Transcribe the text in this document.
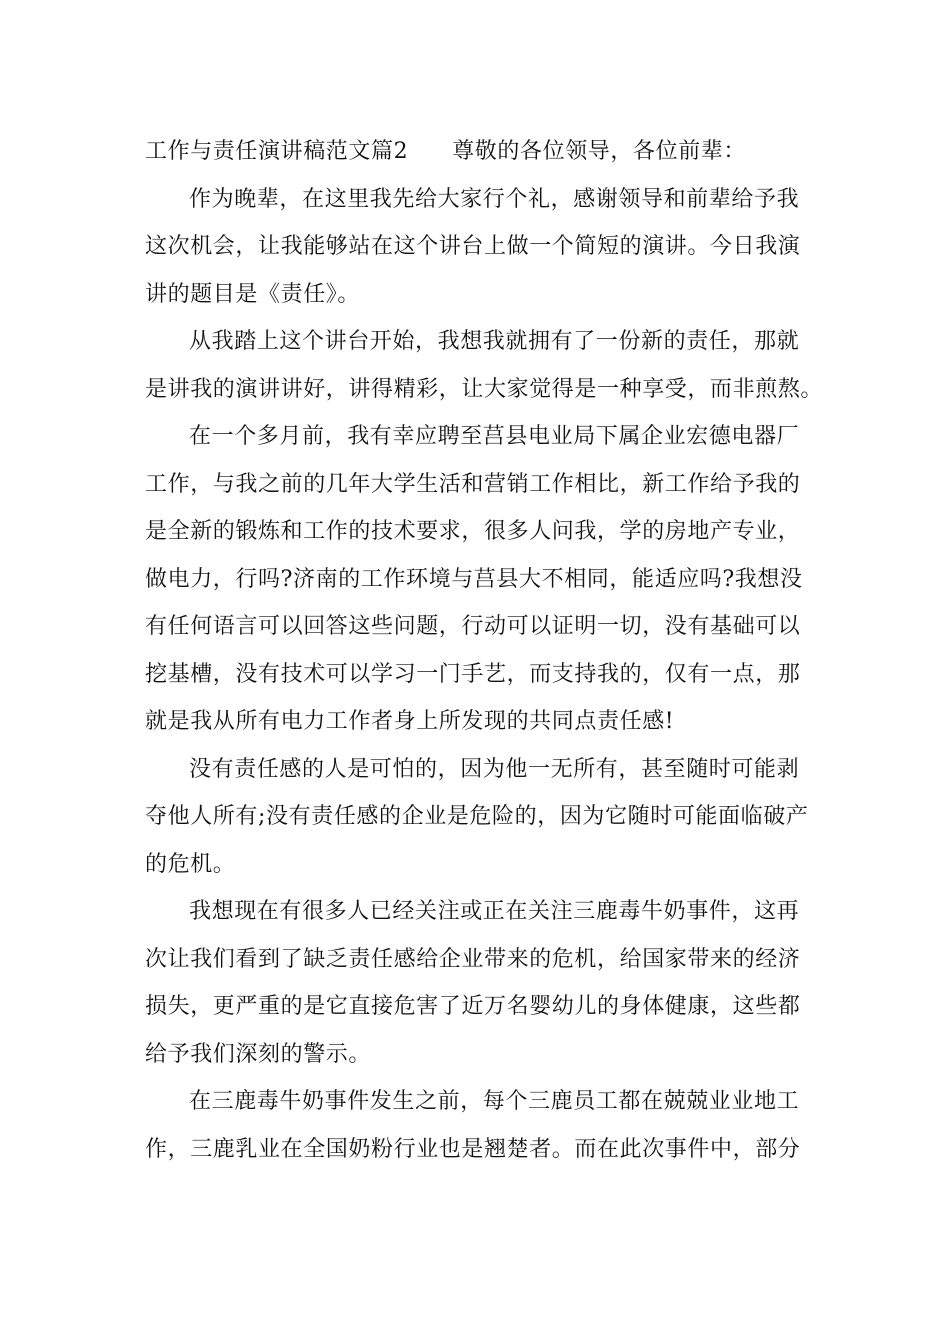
工作与责任演讲稿范文篇2 尊敬的各位领导，各位前辈：
作为晚辈，在这里我先给大家行个礼，感谢领导和前辈给予我
这次机会，让我能够站在这个讲台上做一个简短的演讲。今日我演
讲的题目是《责任》。
从我踏上这个讲台开始，我想我就拥有了一份新的责任，那就
是讲我的演讲讲好，讲得精彩，让大家觉得是一种享受，而非煎熬。
在一个多月前，我有幸应聘至莒县电业局下属企业宏德电器厂
工作，与我之前的几年大学生活和营销工作相比，新工作给予我的
是全新的锻炼和工作的技术要求，很多人问我，学的房地产专业，
做电力，行吗?济南的工作环境与莒县大不相同，能适应吗?我想没
有任何语言可以回答这些问题，行动可以证明一切，没有基础可以
挖基槽，没有技术可以学习一门手艺，而支持我的，仅有一点，那
就是我从所有电力工作者身上所发现的共同点责任感!
没有责任感的人是可怕的，因为他一无所有，甚至随时可能剥
夺他人所有;没有责任感的企业是危险的，因为它随时可能面临破产
的危机。
我想现在有很多人已经关注或正在关注三鹿毒牛奶事件，这再
次让我们看到了缺乏责任感给企业带来的危机，给国家带来的经济
损失，更严重的是它直接危害了近万名婴幼儿的身体健康，这些都
给予我们深刻的警示。
在三鹿毒牛奶事件发生之前，每个三鹿员工都在兢兢业业地工
作，三鹿乳业在全国奶粉行业也是翘楚者。而在此次事件中，部分
